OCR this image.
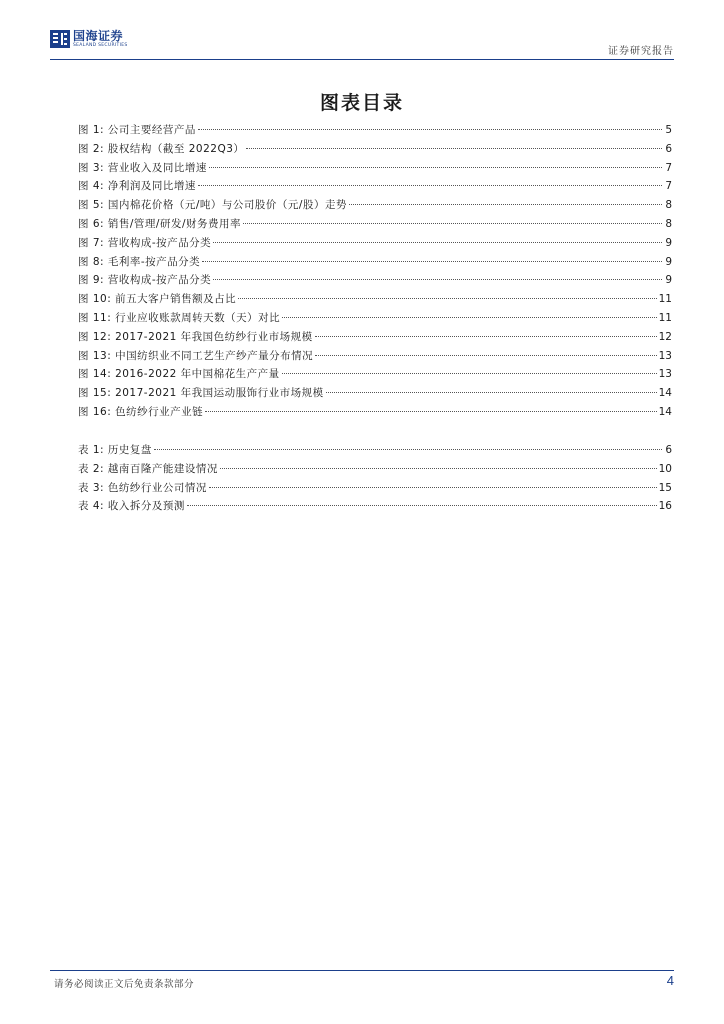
国海证券
SEALAND SECURITIES
证券研究报告
图表目录
图 1: 公司主要经营产品	5
图 2: 股权结构（截至 2022Q3）	6
图 3: 营业收入及同比增速	7
图 4: 净利润及同比增速	7
图 5: 国内棉花价格（元/吨）与公司股价（元/股）走势	8
图 6: 销售/管理/研发/财务费用率	8
图 7: 营收构成-按产品分类	9
图 8: 毛利率-按产品分类	9
图 9: 营收构成-按产品分类	9
图 10: 前五大客户销售额及占比	11
图 11: 行业应收账款周转天数（天）对比	11
图 12: 2017-2021 年我国色纺纱行业市场规模	12
图 13: 中国纺织业不同工艺生产纱产量分布情况	13
图 14: 2016-2022 年中国棉花生产产量	13
图 15: 2017-2021 年我国运动服饰行业市场规模	14
图 16: 色纺纱行业产业链	14
表 1: 历史复盘	6
表 2: 越南百隆产能建设情况	10
表 3: 色纺纱行业公司情况	15
表 4: 收入拆分及预测	16
请务必阅读正文后免责条款部分	4
